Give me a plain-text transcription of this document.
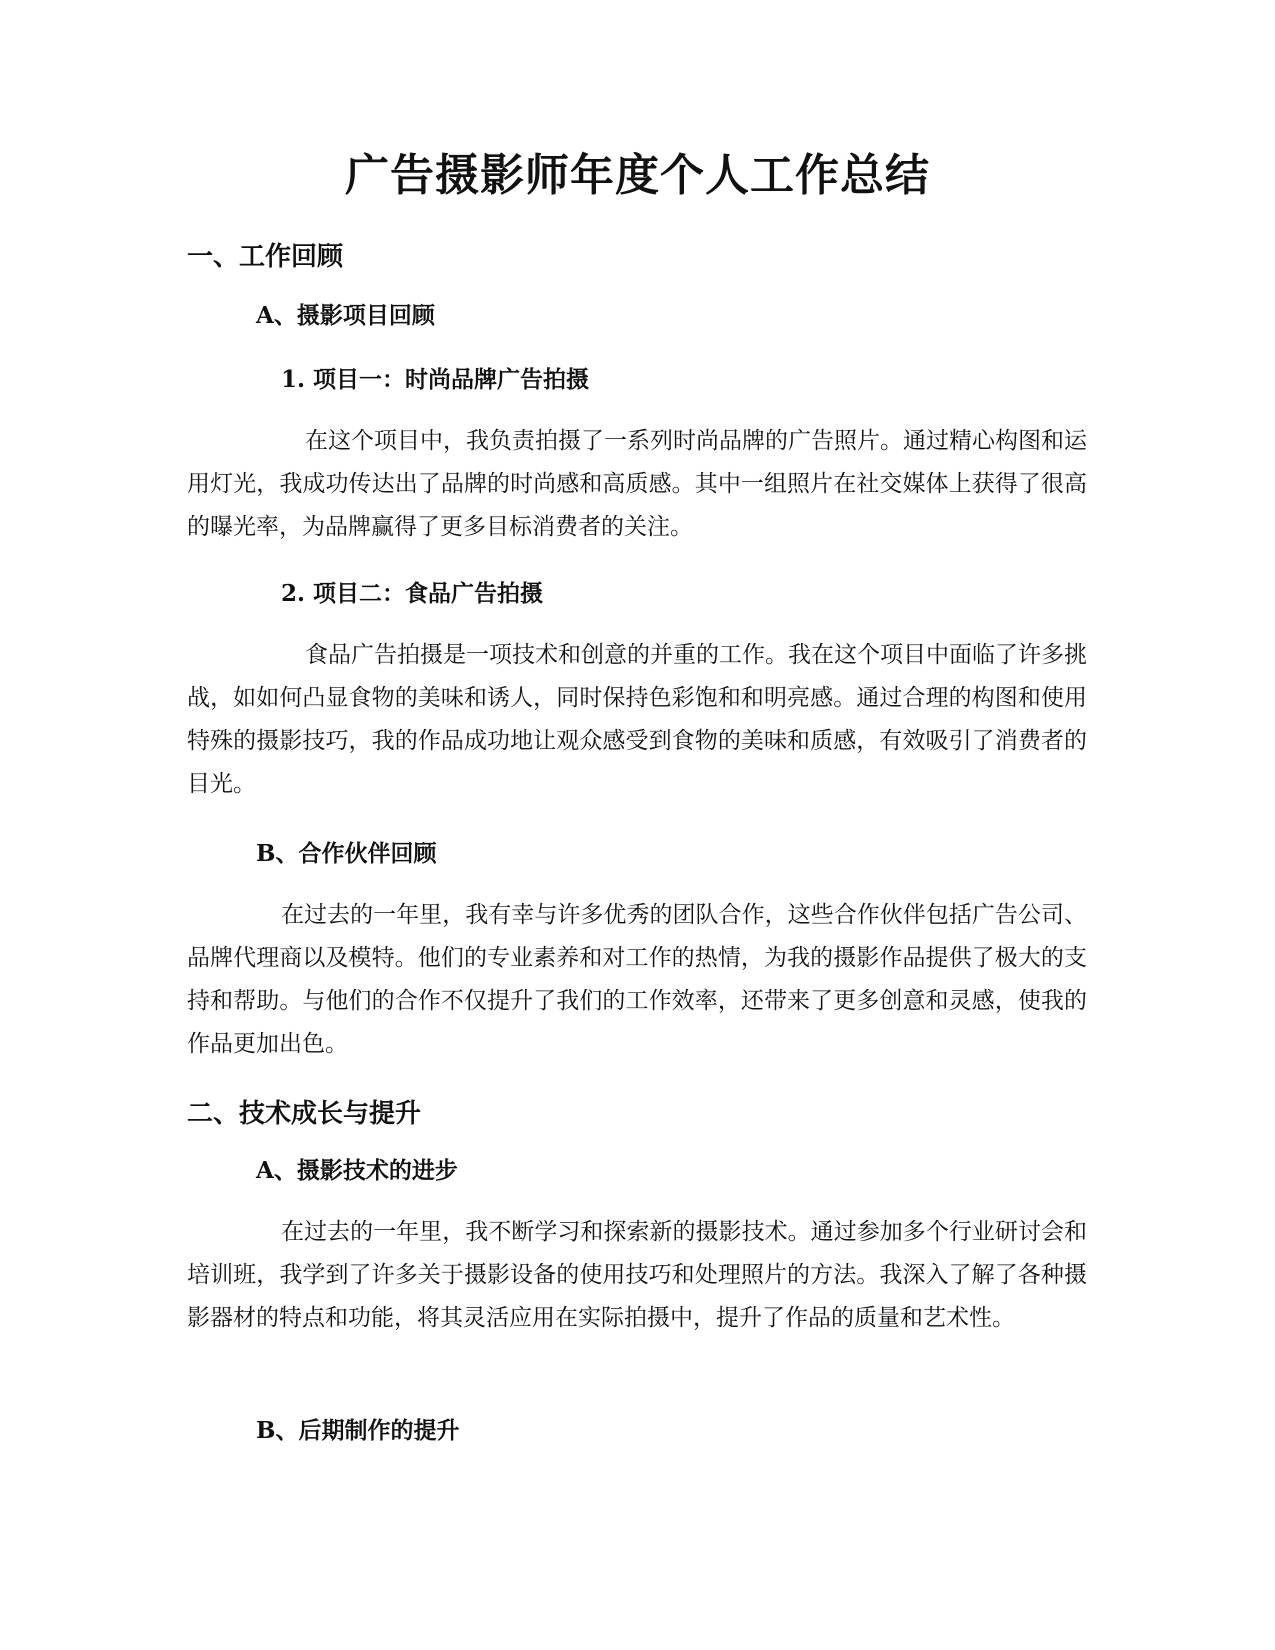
广告摄影师年度个人工作总结
一、工作回顾
A、摄影项目回顾
1. 项目一：时尚品牌广告拍摄

在这个项目中，我负责拍摄了一系列时尚品牌的广告照片。通过精心构图和运用灯光，我成功传达出了品牌的时尚感和高质感。其中一组照片在社交媒体上获得了很高的曝光率，为品牌赢得了更多目标消费者的关注。

2. 项目二：食品广告拍摄

食品广告拍摄是一项技术和创意的并重的工作。我在这个项目中面临了许多挑战，如如何凸显食物的美味和诱人，同时保持色彩饱和和明亮感。通过合理的构图和使用特殊的摄影技巧，我的作品成功地让观众感受到食物的美味和质感，有效吸引了消费者的目光。

B、合作伙伴回顾

在过去的一年里，我有幸与许多优秀的团队合作，这些合作伙伴包括广告公司、品牌代理商以及模特。他们的专业素养和对工作的热情，为我的摄影作品提供了极大的支持和帮助。与他们的合作不仅提升了我们的工作效率，还带来了更多创意和灵感，使我的作品更加出色。

二、技术成长与提升
A、摄影技术的进步

在过去的一年里，我不断学习和探索新的摄影技术。通过参加多个行业研讨会和培训班，我学到了许多关于摄影设备的使用技巧和处理照片的方法。我深入了解了各种摄影器材的特点和功能，将其灵活应用在实际拍摄中，提升了作品的质量和艺术性。

B、后期制作的提升
